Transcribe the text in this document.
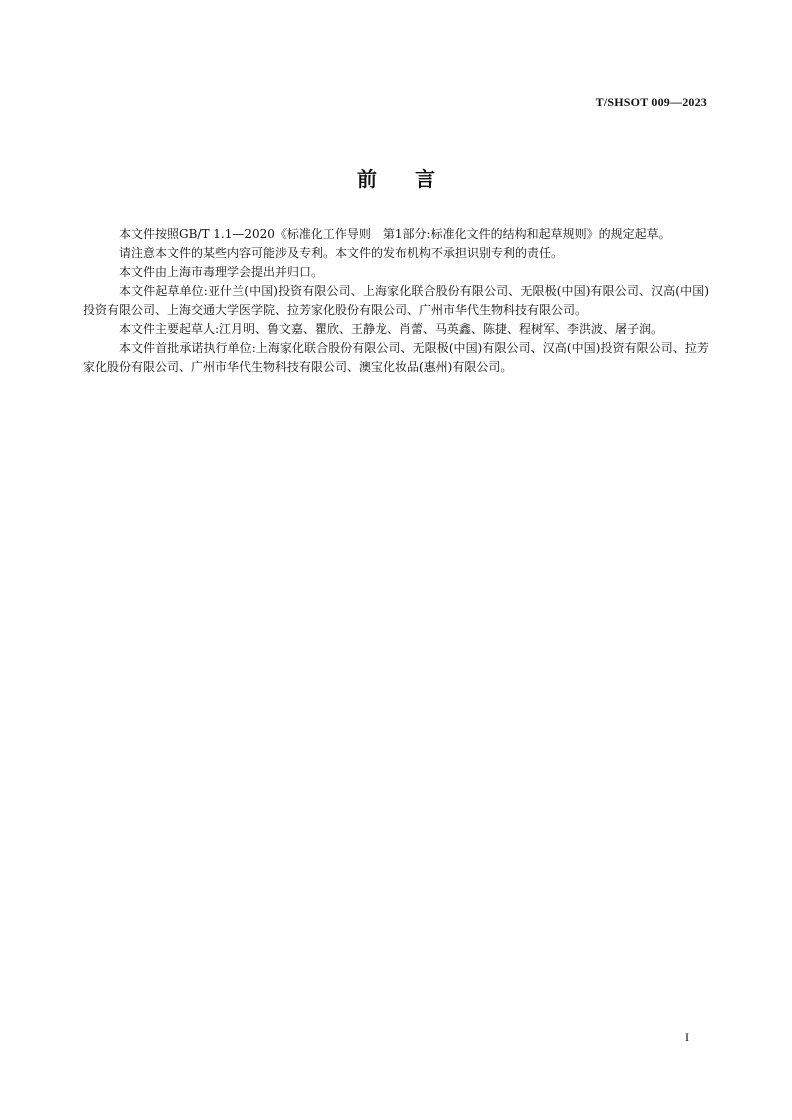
T/SHSOT 009—2023
前言

本文件按照GB/T 1.1—2020《标准化工作导则　第1部分:标准化文件的结构和起草规则》的规定起草。

请注意本文件的某些内容可能涉及专利。本文件的发布机构不承担识别专利的责任。

本文件由上海市毒理学会提出并归口。

本文件起草单位:亚什兰(中国)投资有限公司、上海家化联合股份有限公司、无限极(中国)有限公司、汉高(中国)投资有限公司、上海交通大学医学院、拉芳家化股份有限公司、广州市华代生物科技有限公司。

本文件主要起草人:江月明、鲁文嘉、瞿欣、王静龙、肖蕾、马英鑫、陈捷、程树军、李洪波、屠子润。

本文件首批承诺执行单位:上海家化联合股份有限公司、无限极(中国)有限公司、汉高(中国)投资有限公司、拉芳家化股份有限公司、广州市华代生物科技有限公司、澳宝化妆品(惠州)有限公司。

I
